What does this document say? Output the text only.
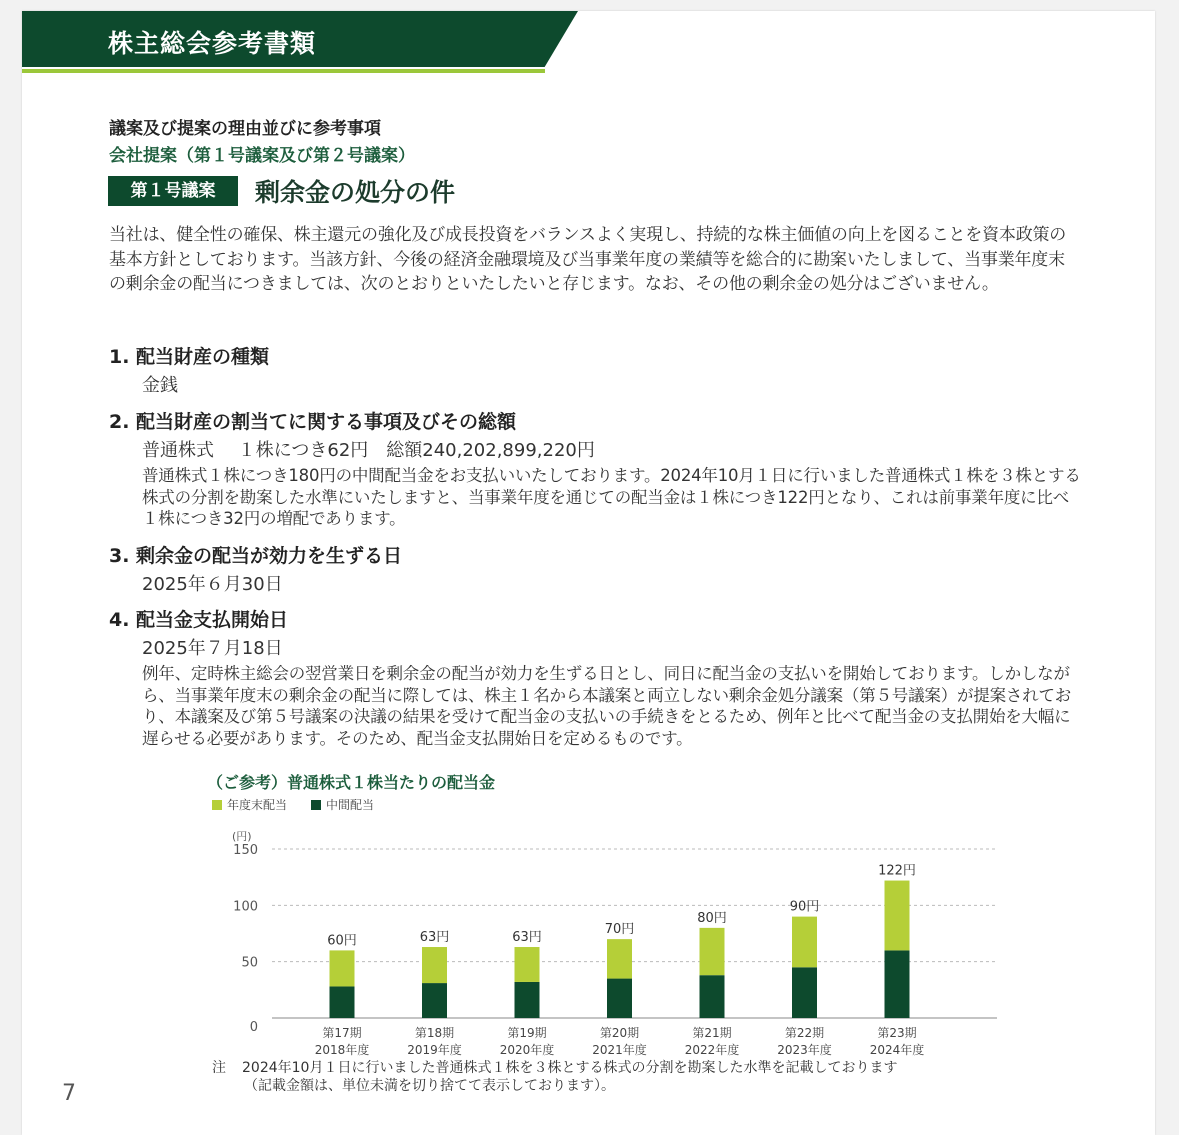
株主総会参考書類
議案及び提案の理由並びに参考事項
会社提案（第１号議案及び第２号議案）
第１号議案	剰余金の処分の件
当社は、健全性の確保、株主還元の強化及び成長投資をバランスよく実現し、持続的な株主価値の向上を図ることを資本政策の基本方針としております。当該方針、今後の経済金融環境及び当事業年度の業績等を総合的に勘案いたしまして、当事業年度末の剰余金の配当につきましては、次のとおりといたしたいと存じます。なお、その他の剰余金の処分はございません。
1. 配当財産の種類
金銭
2. 配当財産の割当てに関する事項及びその総額
普通株式　 １株につき62円　総額240,202,899,220円
普通株式１株につき180円の中間配当金をお支払いいたしております。2024年10月１日に行いました普通株式１株を３株とする株式の分割を勘案した水準にいたしますと、当事業年度を通じての配当金は１株につき122円となり、これは前事業年度に比べ１株につき32円の増配であります。
3. 剰余金の配当が効力を生ずる日
2025年６月30日
4. 配当金支払開始日
2025年７月18日
例年、定時株主総会の翌営業日を剰余金の配当が効力を生ずる日とし、同日に配当金の支払いを開始しております。しかしながら、当事業年度末の剰余金の配当に際しては、株主１名から本議案と両立しない剰余金処分議案（第５号議案）が提案されており、本議案及び第５号議案の決議の結果を受けて配当金の支払いの手続きをとるため、例年と比べて配当金の支払開始を大幅に遅らせる必要があります。そのため、配当金支払開始日を定めるものです。
（ご参考）普通株式１株当たりの配当金
年度末配当	中間配当
(円)
0
50
100
150
60円
第17期
2018年度
63円
第18期
2019年度
63円
第19期
2020年度
70円
第20期
2021年度
80円
第21期
2022年度
90円
第22期
2023年度
122円
第23期
2024年度
注 2024年10月１日に行いました普通株式１株を３株とする株式の分割を勘案した水準を記載しております
（記載金額は、単位未満を切り捨てて表示しております）。
7
